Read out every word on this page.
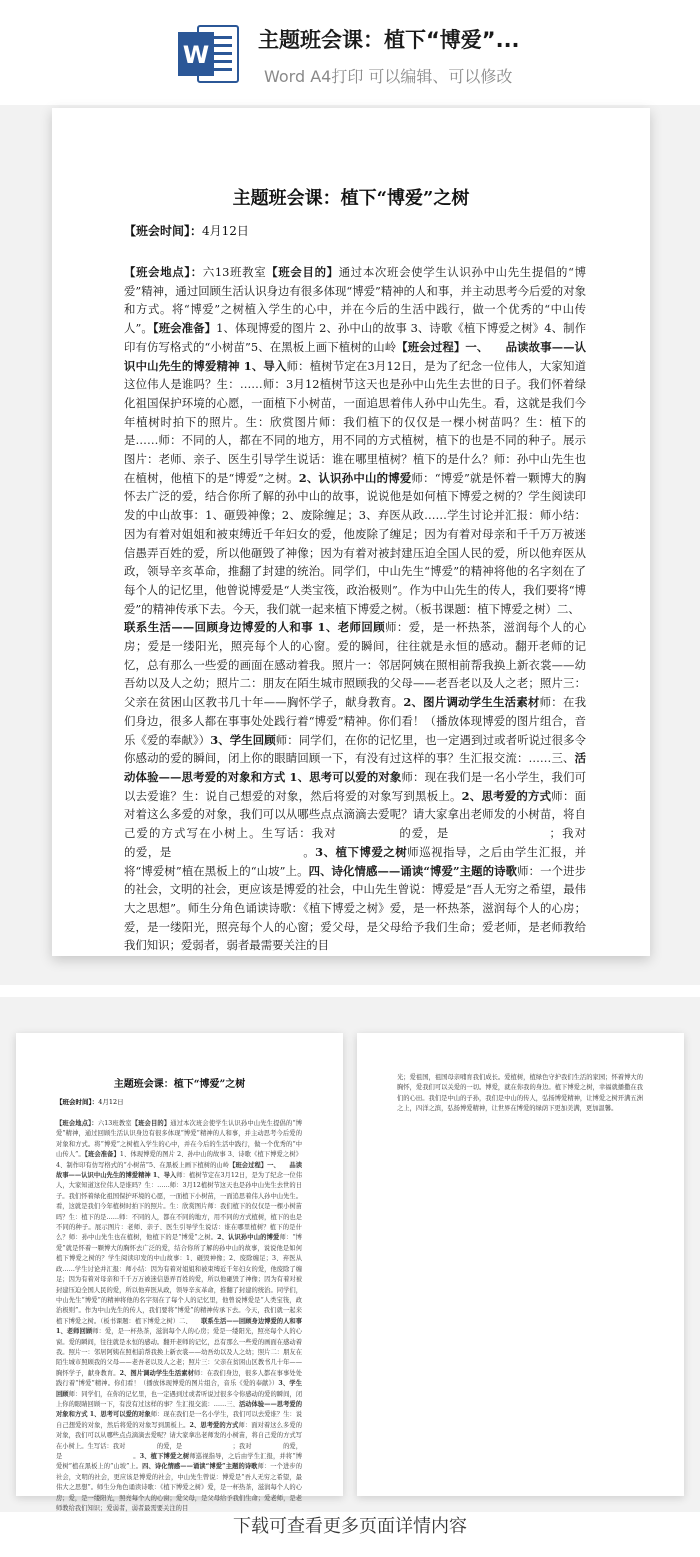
W
主题班会课：植下“博爱”...
Word A4打印 可以编辑、可以修改
主题班会课：植下“博爱”之树
【班会时间】：4月12日
【班会地点】：六13班教室【班会目的】通过本次班会使学生认识孙中山先生提倡的“博爱”精神，通过回顾生活认识身边有很多体现“博爱”精神的人和事，并主动思考今后爱的对象和方式。将“博爱”之树植入学生的心中，并在今后的生活中践行，做一个优秀的“中山传人”。【班会准备】1、体现博爱的图片 2、孙中山的故事 3、诗歌《植下博爱之树》4、制作印有仿写格式的“小树苗”5、在黑板上画下植树的山岭【班会过程】一、　　品读故事——认识中山先生的博爱精神 1、导入师：植树节定在3月12日，是为了纪念一位伟人，大家知道这位伟人是谁吗？生：……师：3月12植树节这天也是孙中山先生去世的日子。我们怀着绿化祖国保护环境的心愿，一面植下小树苗，一面追思着伟人孙中山先生。看，这就是我们今年植树时拍下的照片。生：欣赏图片师：我们植下的仅仅是一棵小树苗吗？生：植下的是……师：不同的人，都在不同的地方，用不同的方式植树，植下的也是不同的种子。展示图片：老师、亲子、医生引导学生说话：谁在哪里植树？植下的是什么？师：孙中山先生也在植树，他植下的是“博爱”之树。2、认识孙中山的博爱师：“博爱”就是怀着一颗博大的胸怀去广泛的爱，结合你所了解的孙中山的故事，说说他是如何植下博爱之树的？学生阅读印发的中山故事：1、砸毁神像；2、废除缠足；3、弃医从政……学生讨论并汇报：师小结：因为有着对姐姐和被束缚近千年妇女的爱，他废除了缠足；因为有着对母亲和千千万万被迷信愚弄百姓的爱，所以他砸毁了神像；因为有着对被封建压迫全国人民的爱，所以他弃医从政，领导辛亥革命，推翻了封建的统治。同学们，中山先生“博爱”的精神将他的名字刻在了每个人的记忆里，他曾说博爱是“人类宝筏，政治极则”。作为中山先生的传人，我们要将“博爱”的精神传承下去。今天，我们就一起来植下博爱之树。（板书课题：植下博爱之树）二、　　联系生活——回顾身边博爱的人和事 1、老师回顾师：爱，是一杯热茶，滋润每个人的心房；爱是一缕阳光，照亮每个人的心窗。爱的瞬间，往往就是永恒的感动。翻开老师的记忆，总有那么一些爱的画面在感动着我。照片一：邻居阿姨在照相前帮我换上新衣裳——幼吾幼以及人之幼；照片二：朋友在陌生城市照顾我的父母——老吾老以及人之老；照片三：父亲在贫困山区教书几十年——胸怀学子，献身教育。2、图片调动学生生活素材师：在我们身边，很多人都在事事处处践行着“博爱”精神。你们看！（播放体现博爱的图片组合，音乐《爱的奉献》）3、学生回顾师：同学们，在你的记忆里，也一定遇到过或者听说过很多令你感动的爱的瞬间，闭上你的眼睛回顾一下，有没有过这样的事？生汇报交流：……三、活动体验——思考爱的对象和方式 1、思考可以爱的对象师：现在我们是一名小学生，我们可以去爱谁？生：说自己想爱的对象，然后将爱的对象写到黑板上。2、思考爱的方式师：面对着这么多爱的对象，我们可以从哪些点点滴滴去爱呢？请大家拿出老师发的小树苗，将自己爱的方式写在小树上。生写话：我对　　　　　的爱，是　　　　　　　　；我对　　　　　的爱，是　　　　　　　　　　　。3、植下博爱之树师巡视指导，之后由学生汇报，并将“博爱树”植在黑板上的“山坡”上。四、诗化情感——诵读“博爱”主题的诗歌师：一个进步的社会，文明的社会，更应该是博爱的社会，中山先生曾说：博爱是“吾人无穷之希望，最伟大之思想”。师生分角色诵读诗歌：《植下博爱之树》爱，是一杯热茶，滋润每个人的心房；爱，是一缕阳光，照亮每个人的心窗；爱父母，是父母给予我们生命；爱老师，是老师教给我们知识；爱弱者，弱者最需要关注的目
主题班会课：植下“博爱”之树
【班会时间】：4月12日
【班会地点】：六13班教室【班会目的】通过本次班会使学生认识孙中山先生提倡的“博爱”精神，通过回顾生活认识身边有很多体现“博爱”精神的人和事，并主动思考今后爱的对象和方式。将“博爱”之树植入学生的心中，并在今后的生活中践行，做一个优秀的“中山传人”。【班会准备】1、体现博爱的图片 2、孙中山的故事 3、诗歌《植下博爱之树》4、制作印有仿写格式的“小树苗”5、在黑板上画下植树的山岭【班会过程】一、　　品读故事——认识中山先生的博爱精神 1、导入师：植树节定在3月12日，是为了纪念一位伟人，大家知道这位伟人是谁吗？生：……师：3月12植树节这天也是孙中山先生去世的日子。我们怀着绿化祖国保护环境的心愿，一面植下小树苗，一面追思着伟人孙中山先生。看，这就是我们今年植树时拍下的照片。生：欣赏图片师：我们植下的仅仅是一棵小树苗吗？生：植下的是……师：不同的人，都在不同的地方，用不同的方式植树，植下的也是不同的种子。展示图片：老师、亲子、医生引导学生说话：谁在哪里植树？植下的是什么？师：孙中山先生也在植树，他植下的是“博爱”之树。2、认识孙中山的博爱师：“博爱”就是怀着一颗博大的胸怀去广泛的爱，结合你所了解的孙中山的故事，说说他是如何植下博爱之树的？学生阅读印发的中山故事：1、砸毁神像；2、废除缠足；3、弃医从政……学生讨论并汇报：师小结：因为有着对姐姐和被束缚近千年妇女的爱，他废除了缠足；因为有着对母亲和千千万万被迷信愚弄百姓的爱，所以他砸毁了神像；因为有着对被封建压迫全国人民的爱，所以他弃医从政，领导辛亥革命，推翻了封建的统治。同学们，中山先生“博爱”的精神将他的名字刻在了每个人的记忆里，他曾说博爱是“人类宝筏，政治极则”。作为中山先生的传人，我们要将“博爱”的精神传承下去。今天，我们就一起来植下博爱之树。（板书课题：植下博爱之树）二、　　联系生活——回顾身边博爱的人和事 1、老师回顾师：爱，是一杯热茶，滋润每个人的心房；爱是一缕阳光，照亮每个人的心窗。爱的瞬间，往往就是永恒的感动。翻开老师的记忆，总有那么一些爱的画面在感动着我。照片一：邻居阿姨在照相前帮我换上新衣裳——幼吾幼以及人之幼；照片二：朋友在陌生城市照顾我的父母——老吾老以及人之老；照片三：父亲在贫困山区教书几十年——胸怀学子，献身教育。2、图片调动学生生活素材师：在我们身边，很多人都在事事处处践行着“博爱”精神。你们看！（播放体现博爱的图片组合，音乐《爱的奉献》）3、学生回顾师：同学们，在你的记忆里，也一定遇到过或者听说过很多令你感动的爱的瞬间，闭上你的眼睛回顾一下，有没有过这样的事？生汇报交流：……三、活动体验——思考爱的对象和方式 1、思考可以爱的对象师：现在我们是一名小学生，我们可以去爱谁？生：说自己想爱的对象，然后将爱的对象写到黑板上。2、思考爱的方式师：面对着这么多爱的对象，我们可以从哪些点点滴滴去爱呢？请大家拿出老师发的小树苗，将自己爱的方式写在小树上。生写话：我对　　　　　的爱，是　　　　　　　　；我对　　　　　的爱，是　　　　　　　　　　　。3、植下博爱之树师巡视指导，之后由学生汇报，并将“博爱树”植在黑板上的“山坡”上。四、诗化情感——诵读“博爱”主题的诗歌师：一个进步的社会，文明的社会，更应该是博爱的社会，中山先生曾说：博爱是“吾人无穷之希望，最伟大之思想”。师生分角色诵读诗歌：《植下博爱之树》爱，是一杯热茶，滋润每个人的心房；爱，是一缕阳光，照亮每个人的心窗；爱父母，是父母给予我们生命；爱老师，是老师教给我们知识；爱弱者，弱者最需要关注的目
光；爱祖国，祖国母亲哺育我们成长。爱植树，植绿色守护我们生活的家园；怀着博大的胸怀，爱我们可以关爱的一切。博爱，就在你我的身边。植下博爱之树，幸福就播撒在我们的心田。我们是中山的子孙，我们是中山的传人，弘扬博爱精神，让博爱之树开满五洲之上，四洋之滨，弘扬博爱精神，让世界在博爱的绿荫下更加美满，更加温馨。
下载可查看更多页面详情内容
